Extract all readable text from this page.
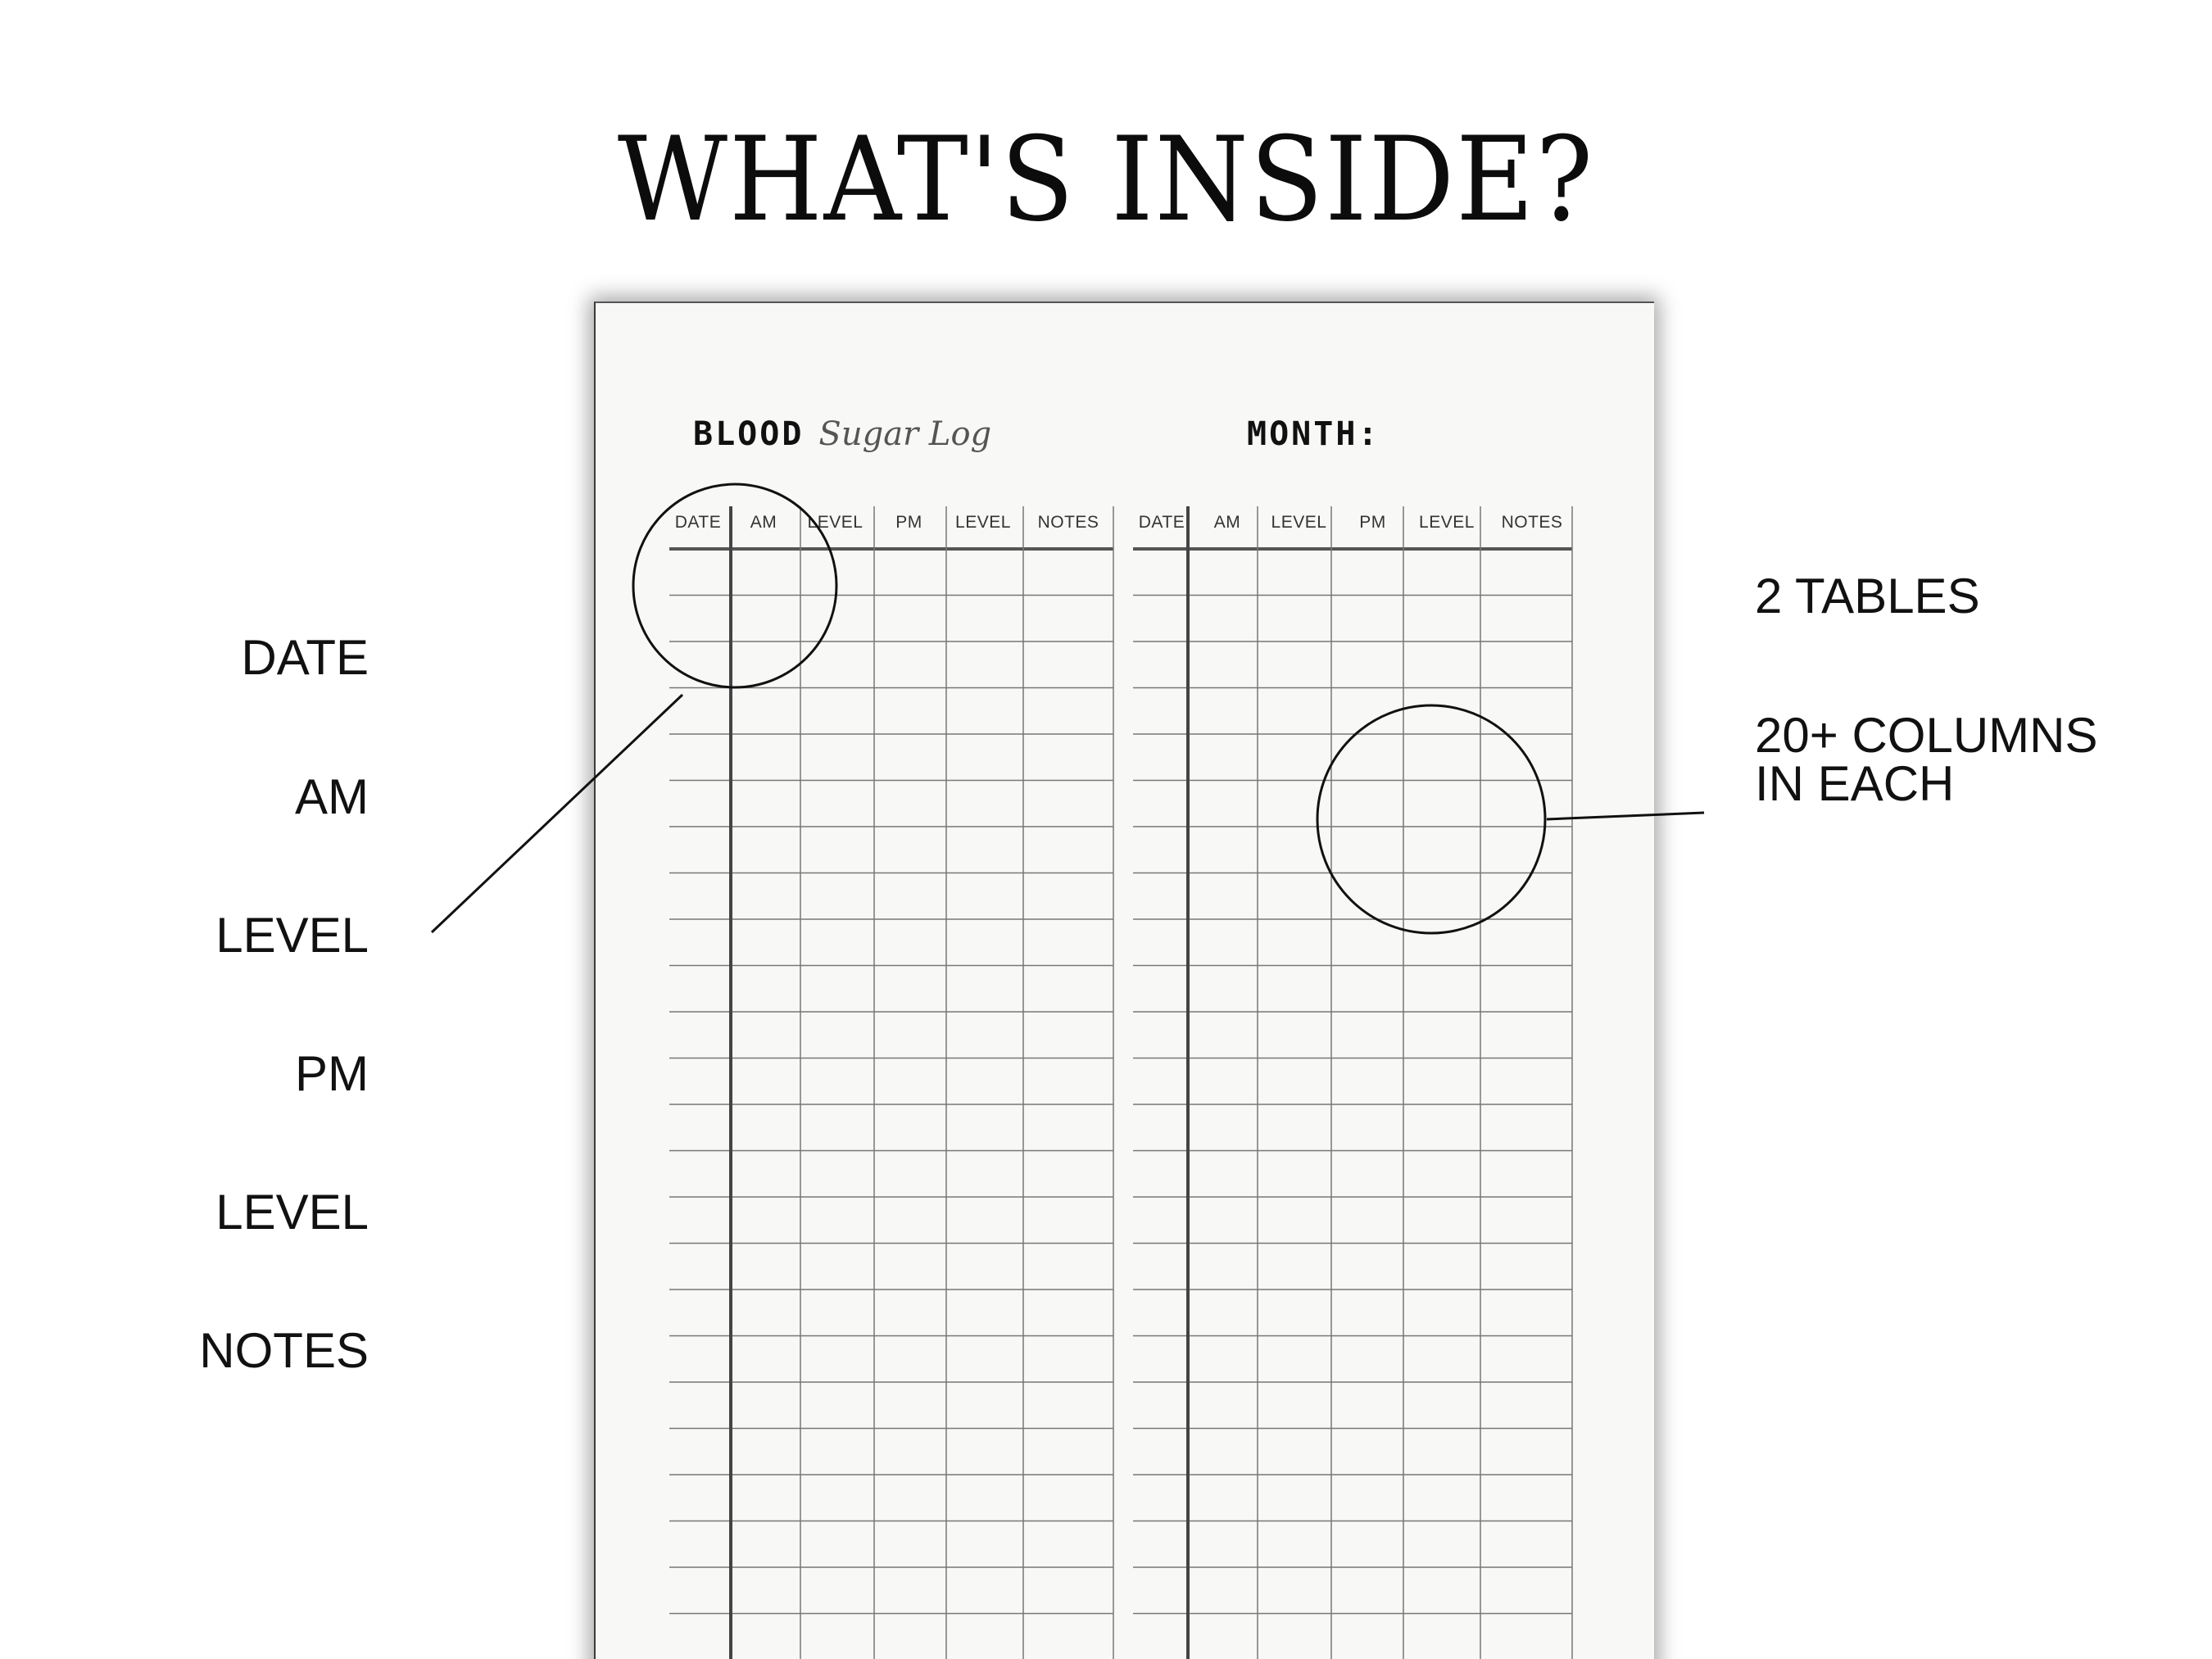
WHAT'S INSIDE?
DATE
AM
LEVEL
PM
LEVEL
NOTES
2 TABLES
20+ COLUMNS
IN EACH
BLOOD Sugar Log	MONTH:
DATE	AM	LEVEL	PM	LEVEL	NOTES	DATE	AM	LEVEL	PM	LEVEL	NOTES
